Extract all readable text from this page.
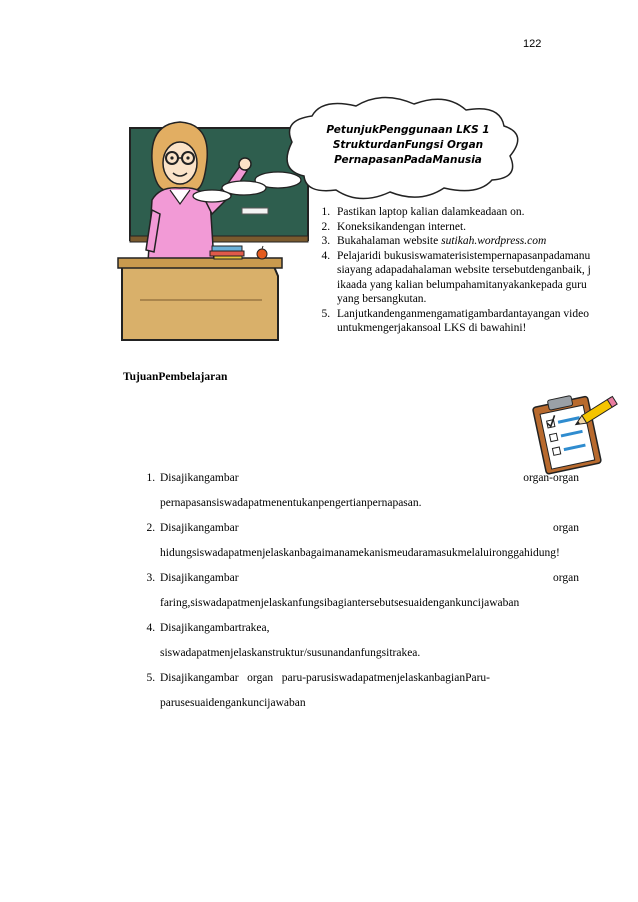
122
PetunjukPenggunaan LKS 1
StrukturdanFungsi Organ
PernapasanPadaManusia
1. Pastikan laptop kalian dalamkeadaan on.
2. Koneksikandengan internet.
3. Bukahalaman website sutikah.wordpress.com
4. Pelajaridi bukusiswamaterisistempernapasanpadamanusiayang adapadahalaman website tersebutdenganbaik, jikaada yang kalian belumpahamitanyakankepada guru yang bersangkutan.
5. Lanjutkandenganmengamatigambardantayangan video untukmengerjakansoal LKS di bawahini!
TujuanPembelajaran
1. Disajikangambar	organ-organ
pernapasansiswadapatmenentukanpengertianpernapasan.
2. Disajikangambar	organ
hidungsiswadapatmenjelaskanbagaimanamekanismeudaramasukmelaluironggahidung!
3. Disajikangambar	organ
faring,siswadapatmenjelaskanfungsibagiantersebutsesuaidengankuncijawaban
4. Disajikangambartrakea,
siswadapatmenjelaskanstruktur/susunandanfungsitrakea.
5. Disajikangambar   organ   paru-parusiswadapatmenjelaskanbagianParu-
parusesuaidengankuncijawaban
